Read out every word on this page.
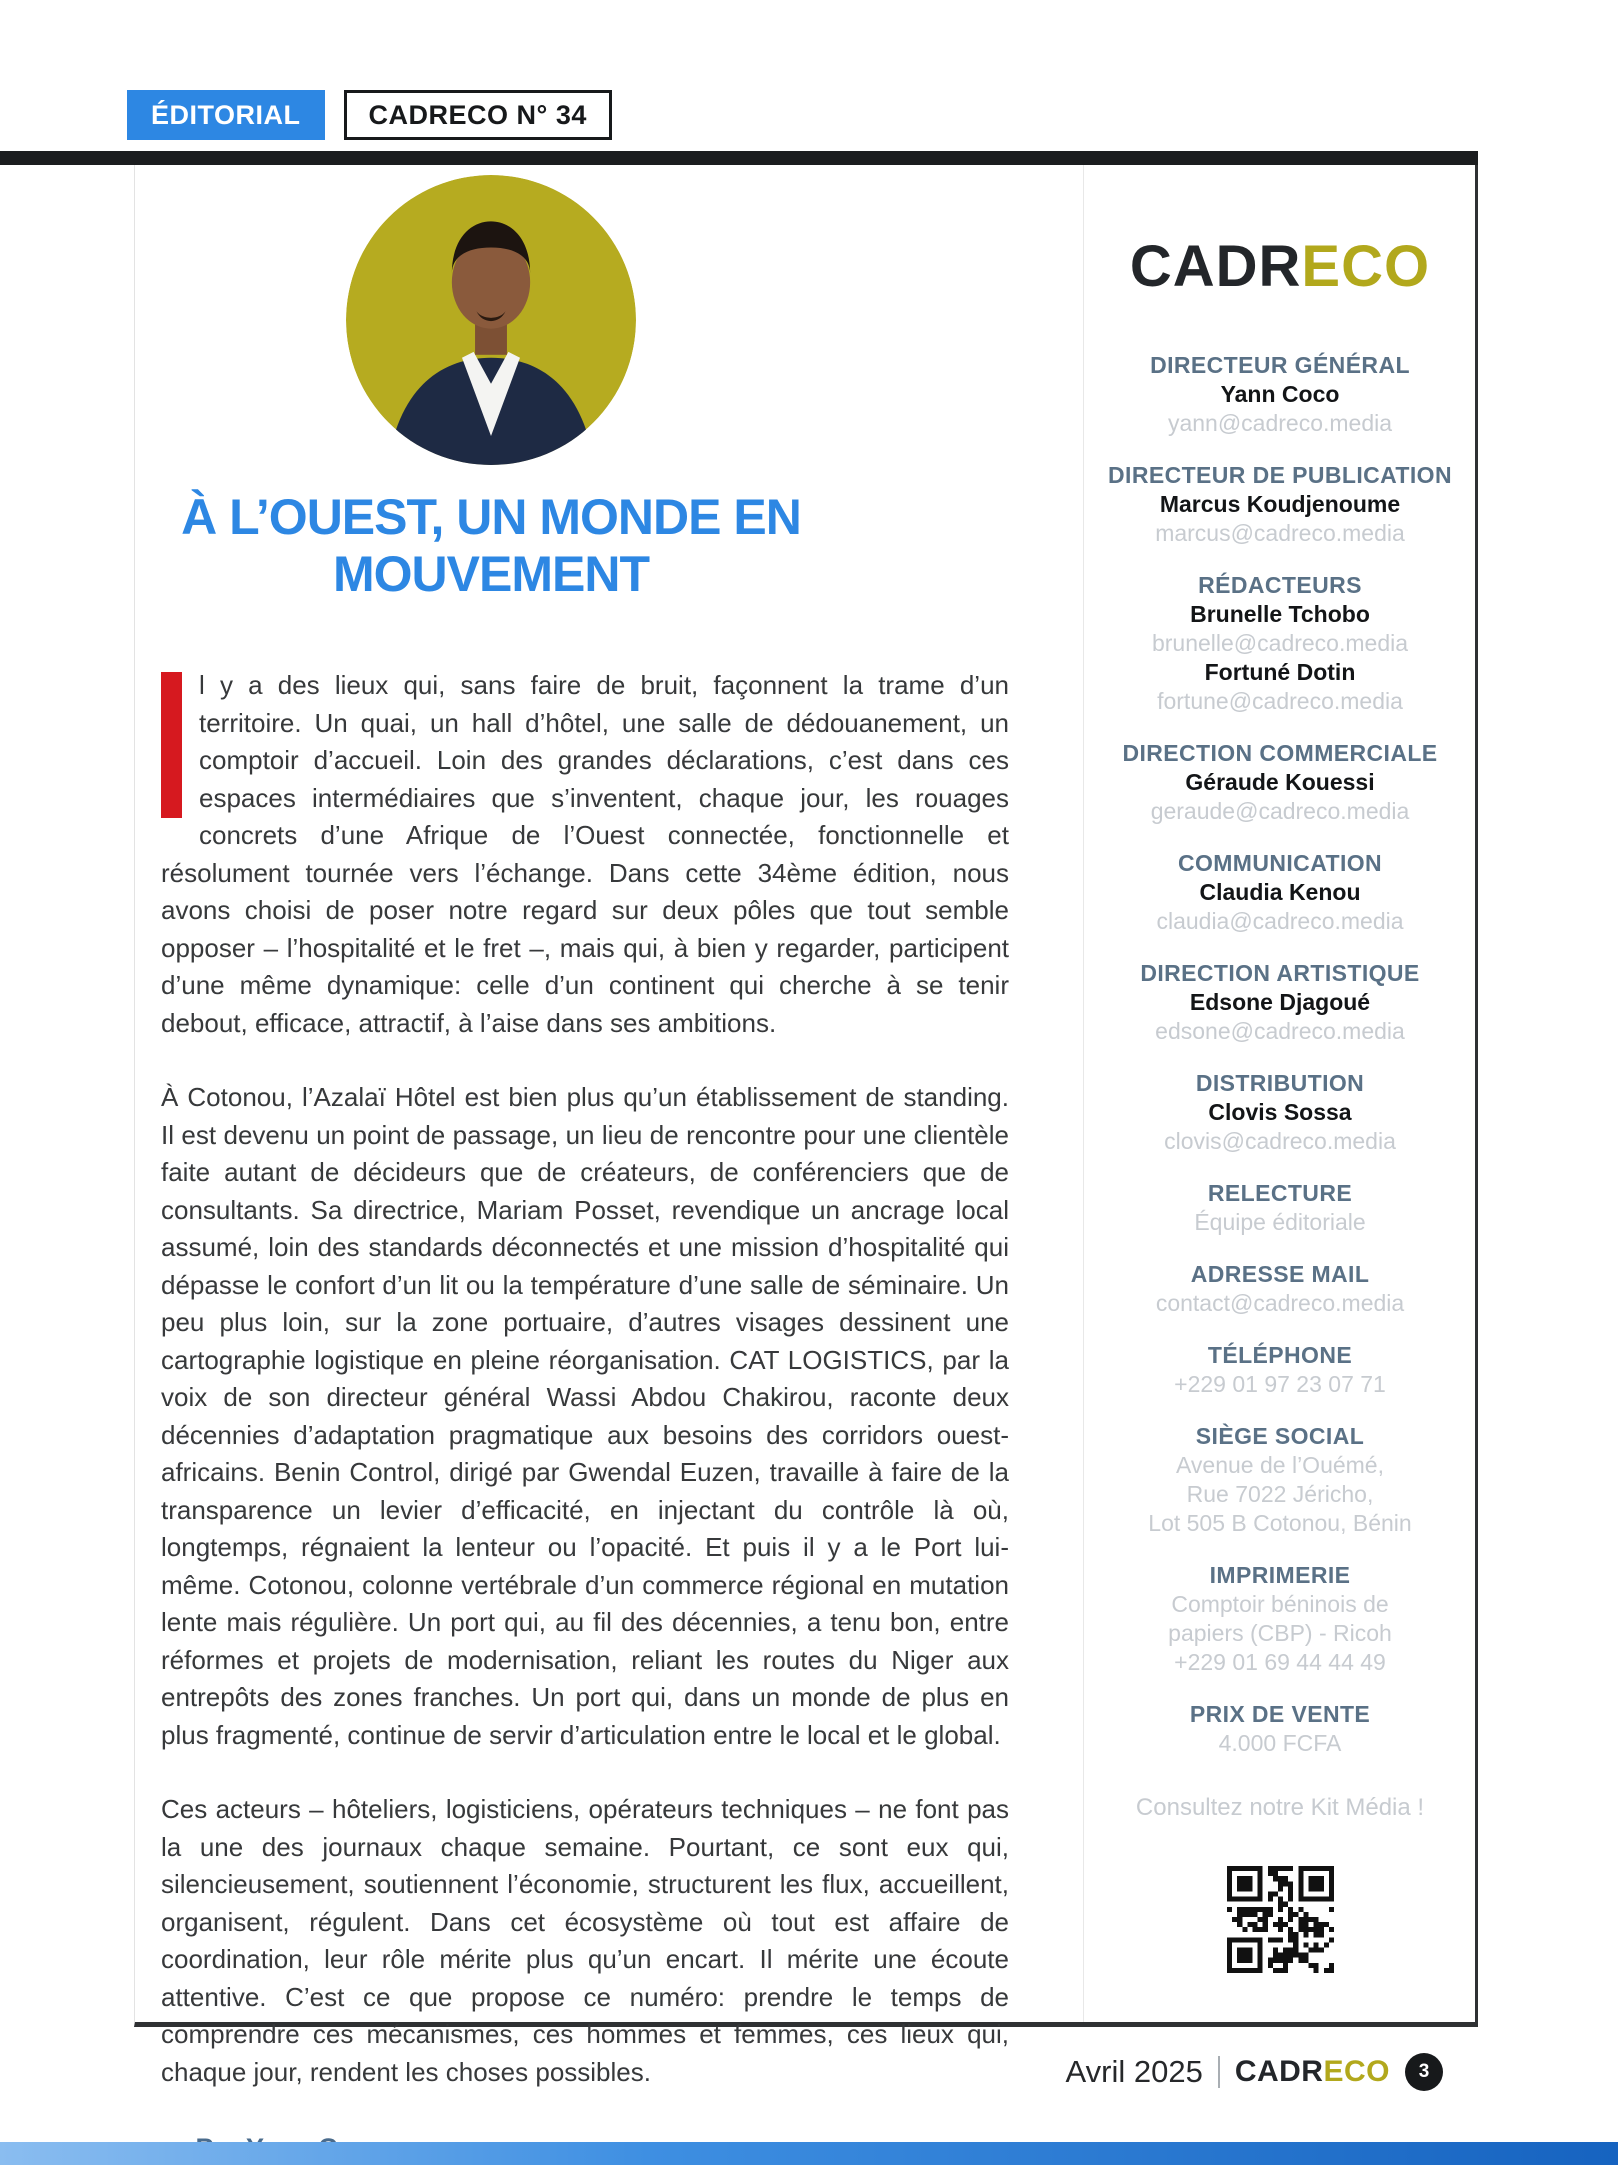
ÉDITORIAL	CADRECO N° 34
À L’OUEST, UN MONDE EN
MOUVEMENT

l y a des lieux qui, sans faire de bruit, façonnent la trame d’un territoire. Un quai, un hall d’hôtel, une salle de dédouanement, un comptoir d’accueil. Loin des grandes déclarations, c’est dans ces espaces intermédiaires que s’inventent, chaque jour, les rouages concrets d’une Afrique de l’Ouest connectée, fonctionnelle et résolument tournée vers l’échange. Dans cette 34ème édition, nous avons choisi de poser notre regard sur deux pôles que tout semble opposer – l’hospitalité et le fret –, mais qui, à bien y regarder, participent d’une même dynamique: celle d’un continent qui cherche à se tenir debout, efficace, attractif, à l’aise dans ses ambitions.

À Cotonou, l’Azalaï Hôtel est bien plus qu’un établissement de standing. Il est devenu un point de passage, un lieu de rencontre pour une clientèle faite autant de décideurs que de créateurs, de conférenciers que de consultants. Sa directrice, Mariam Posset, revendique un ancrage local assumé, loin des standards déconnectés et une mission d’hospitalité qui dépasse le confort d’un lit ou la température d’une salle de séminaire. Un peu plus loin, sur la zone portuaire, d’autres visages dessinent une cartographie logistique en pleine réorganisation. CAT LOGISTICS, par la voix de son directeur général Wassi Abdou Chakirou, raconte deux décennies d’adaptation pragmatique aux besoins des corridors ouest-africains. Benin Control, dirigé par Gwendal Euzen, travaille à faire de la transparence un levier d’efficacité, en injectant du contrôle là où, longtemps, régnaient la lenteur ou l’opacité. Et puis il y a le Port lui-même. Cotonou, colonne vertébrale d’un commerce régional en mutation lente mais régulière. Un port qui, au fil des décennies, a tenu bon, entre réformes et projets de modernisation, reliant les routes du Niger aux entrepôts des zones franches. Un port qui, dans un monde de plus en plus fragmenté, continue de servir d’articulation entre le local et le global.

Ces acteurs – hôteliers, logisticiens, opérateurs techniques – ne font pas la une des journaux chaque semaine. Pourtant, ce sont eux qui, silencieusement, soutiennent l’économie, structurent les flux, accueillent, organisent, régulent. Dans cet écosystème où tout est affaire de coordination, leur rôle mérite plus qu’un encart. Il mérite une écoute attentive. C’est ce que propose ce numéro: prendre le temps de comprendre ces mécanismes, ces hommes et femmes, ces lieux qui, chaque jour, rendent les choses possibles.

CADRECO
DIRECTEUR GÉNÉRAL
Yann Coco
yann@cadreco.media
DIRECTEUR DE PUBLICATION
Marcus Koudjenoume
marcus@cadreco.media
RÉDACTEURS
Brunelle Tchobo
brunelle@cadreco.media
Fortuné Dotin
fortune@cadreco.media
DIRECTION COMMERCIALE
Géraude Kouessi
geraude@cadreco.media
COMMUNICATION
Claudia Kenou
claudia@cadreco.media
DIRECTION ARTISTIQUE
Edsone Djagoué
edsone@cadreco.media
DISTRIBUTION
Clovis Sossa
clovis@cadreco.media
RELECTURE
Équipe éditoriale
ADRESSE MAIL
contact@cadreco.media
TÉLÉPHONE
+229 01 97 23 07 71
SIÈGE SOCIAL
Avenue de l’Ouémé,
Rue 7022 Jéricho,
Lot 505 B Cotonou, Bénin
IMPRIMERIE
Comptoir béninois de
papiers (CBP) - Ricoh
+229 01 69 44 44 49
PRIX DE VENTE
4.000 FCFA
Consultez notre Kit Média !
Avril 2025 CADRECO	3
